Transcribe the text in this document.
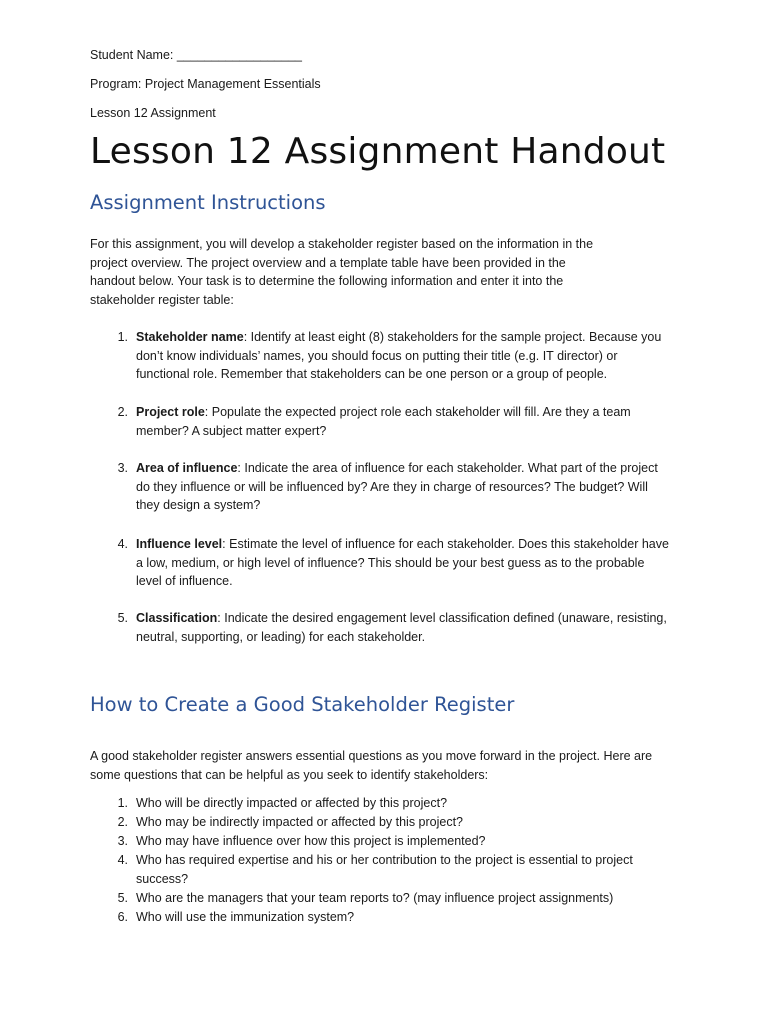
Student Name: __________________
Program: Project Management Essentials
Lesson 12 Assignment
Lesson 12 Assignment Handout
Assignment Instructions

For this assignment, you will develop a stakeholder register based on the information in the
project overview. The project overview and a template table have been provided in the
handout below. Your task is to determine the following information and enter it into the
stakeholder register table:

1. Stakeholder name: Identify at least eight (8) stakeholders for the sample project. Because you
don’t know individuals’ names, you should focus on putting their title (e.g. IT director) or
functional role. Remember that stakeholders can be one person or a group of people.
2. Project role: Populate the expected project role each stakeholder will fill. Are they a team
member? A subject matter expert?
3. Area of influence: Indicate the area of influence for each stakeholder. What part of the project
do they influence or will be influenced by? Are they in charge of resources? The budget? Will
they design a system?
4. Influence level: Estimate the level of influence for each stakeholder. Does this stakeholder have
a low, medium, or high level of influence? This should be your best guess as to the probable
level of influence.
5. Classification: Indicate the desired engagement level classification defined (unaware, resisting,
neutral, supporting, or leading) for each stakeholder.
How to Create a Good Stakeholder Register

A good stakeholder register answers essential questions as you move forward in the project. Here are
some questions that can be helpful as you seek to identify stakeholders:

1. Who will be directly impacted or affected by this project?
2. Who may be indirectly impacted or affected by this project?
3. Who may have influence over how this project is implemented?
4. Who has required expertise and his or her contribution to the project is essential to project
success?
5. Who are the managers that your team reports to? (may influence project assignments)
6. Who will use the immunization system?
